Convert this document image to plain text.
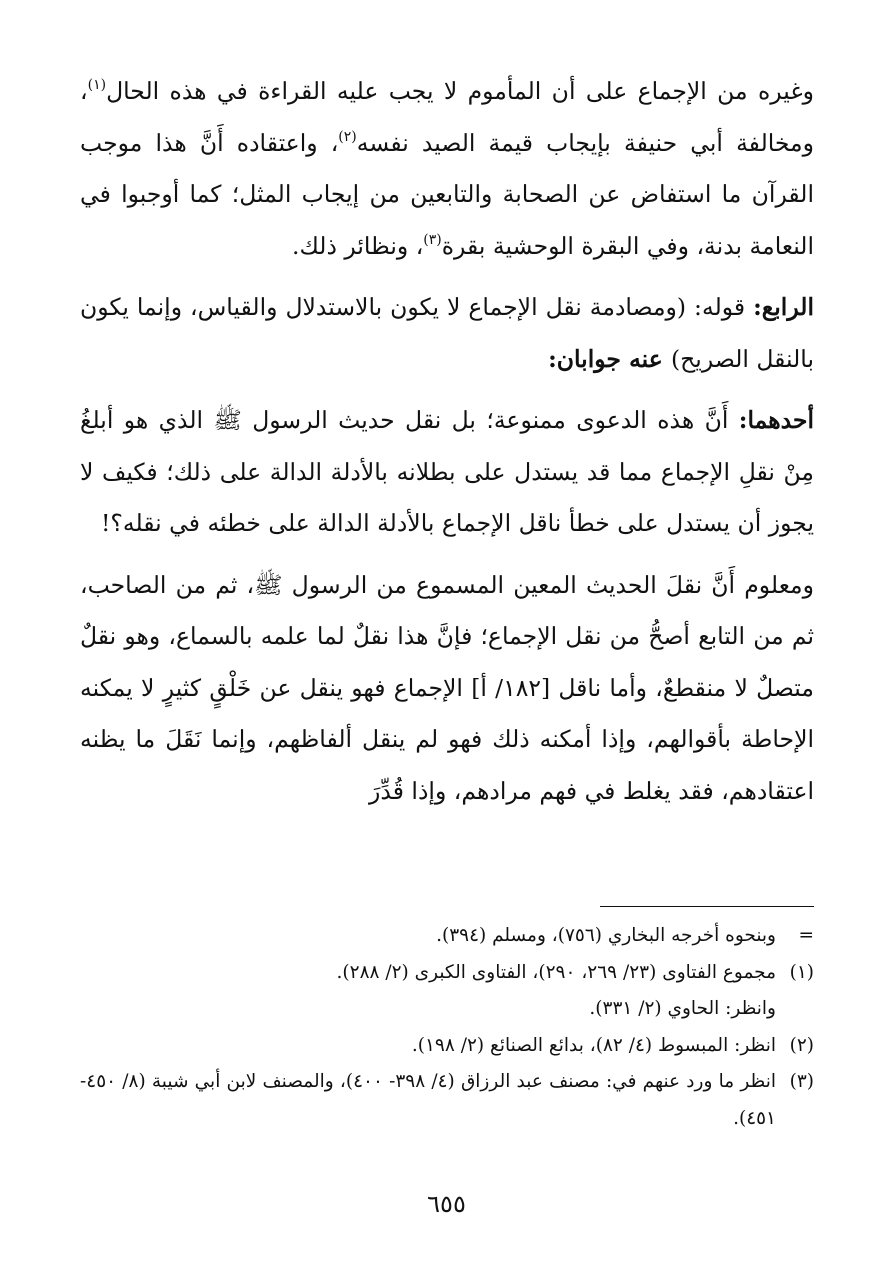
وغيره من الإجماع على أن المأموم لا يجب عليه القراءة في هذه الحال$^{(١)}$، ومخالفة أبي حنيفة بإيجاب قيمة الصيد نفسه$^{(٢)}$، واعتقاده أَنَّ هذا موجب القرآن ما استفاض عن الصحابة والتابعين من إيجاب المثل؛ كما أوجبوا في النعامة بدنة، وفي البقرة الوحشية بقرة$^{(٣)}$، ونظائر ذلك.

الرابع: قوله: (ومصادمة نقل الإجماع لا يكون بالاستدلال والقياس، وإنما يكون بالنقل الصريح) عنه جوابان:

أحدهما: أَنَّ هذه الدعوى ممنوعة؛ بل نقل حديث الرسول ﷺ الذي هو أبلغُ مِنْ نقلِ الإجماع مما قد يستدل على بطلانه بالأدلة الدالة على ذلك؛ فكيف لا يجوز أن يستدل على خطأ ناقل الإجماع بالأدلة الدالة على خطئه في نقله؟!

ومعلوم أَنَّ نقلَ الحديث المعين المسموع من الرسول ﷺ، ثم من الصاحب، ثم من التابع أصحُّ من نقل الإجماع؛ فإنَّ هذا نقلٌ لما علمه بالسماع، وهو نقلٌ متصلٌ لا منقطعٌ، وأما ناقل [١٨٢/ أ] الإجماع فهو ينقل عن خَلْقٍ كثيرٍ لا يمكنه الإحاطة بأقوالهم، وإذا أمكنه ذلك فهو لم ينقل ألفاظهم، وإنما نَقَلَ ما يظنه اعتقادهم، فقد يغلط في فهم مرادهم، وإذا قُدِّرَ

=
وبنحوه أخرجه البخاري (٧٥٦)، ومسلم (٣٩٤).
(١)
مجموع الفتاوى (٢٣/ ٢٦٩، ٢٩٠)، الفتاوى الكبرى (٢/ ٢٨٨).
وانظر: الحاوي (٢/ ٣٣١).
(٢)
انظر: المبسوط (٤/ ٨٢)، بدائع الصنائع (٢/ ١٩٨).
(٣)
انظر ما ورد عنهم في: مصنف عبد الرزاق (٤/ ٣٩٨- ٤٠٠)، والمصنف لابن أبي شيبة (٨/ ٤٥٠- ٤٥١).
٦٥٥
